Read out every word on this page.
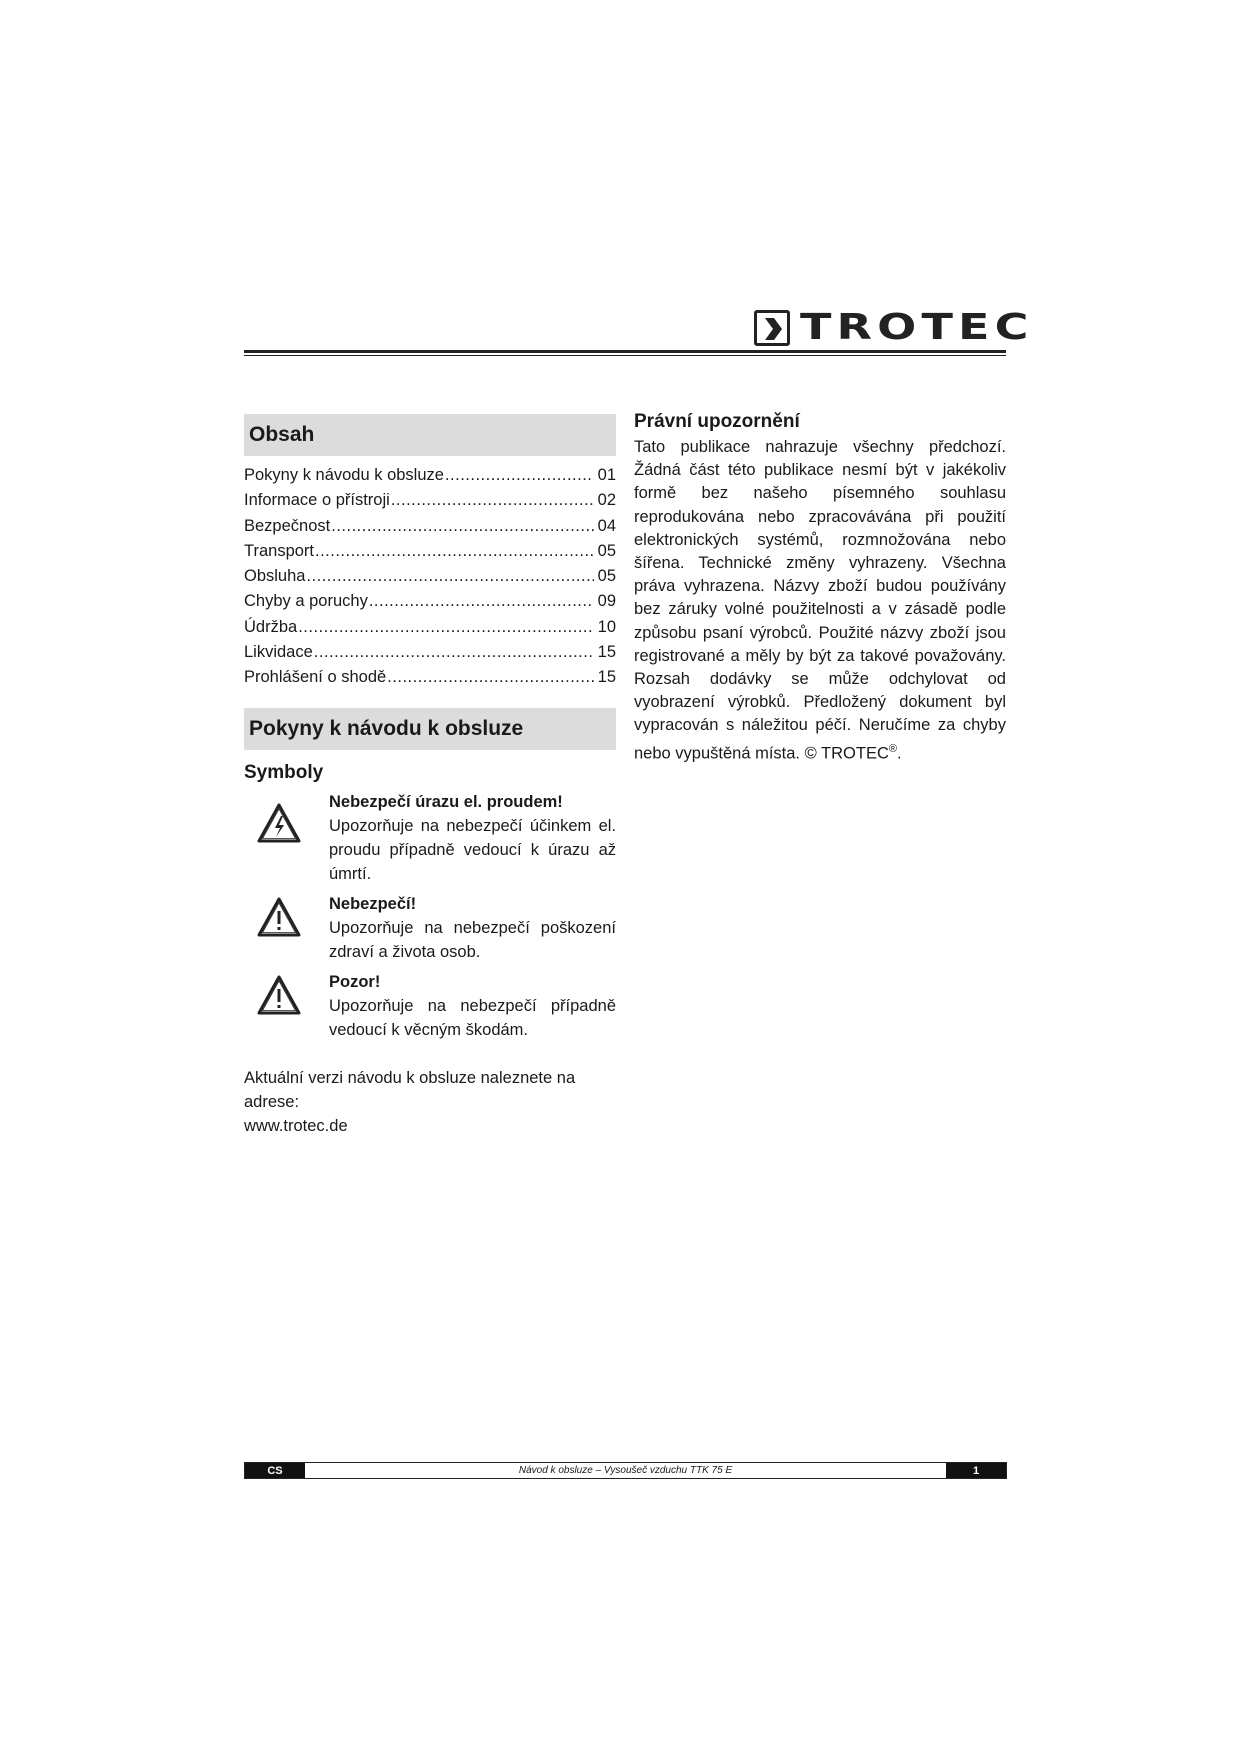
TROTEC
Obsah
Pokyny k návodu k obsluze .....	01
Informace o přístroji .....	02
Bezpečnost .....	04
Transport .....	05
Obsluha .....	05
Chyby a poruchy .....	09
Údržba .....	10
Likvidace .....	15
Prohlášení o shodě .....	15
Pokyny k návodu k obsluze
Symboly
Nebezpečí úrazu el. proudem!
Upozorňuje na nebezpečí účinkem el. proudu případně vedoucí k úrazu až úmrtí.
Nebezpečí!
Upozorňuje na nebezpečí poškození zdraví a života osob.
Pozor!
Upozorňuje na nebezpečí případně vedoucí k věcným škodám.
Aktuální verzi návodu k obsluze naleznete na adrese:
www.trotec.de
Právní upozornění
Tato publikace nahrazuje všechny předchozí. Žádná část této publikace nesmí být v jakékoliv formě bez našeho písemného souhlasu reprodukována nebo zpracovávána při použití elektronických systémů, rozmnožována nebo šířena. Technické změny vyhrazeny. Všechna práva vyhrazena. Názvy zboží budou používány bez záruky volné použitelnosti a v zásadě podle způsobu psaní výrobců. Použité názvy zboží jsou registrované a měly by být za takové považovány. Rozsah dodávky se může odchylovat od vyobrazení výrobků. Předložený dokument byl vypracován s náležitou péčí. Neručíme za chyby nebo vypuštěná místa. © TROTEC®.
CS	Návod k obsluze – Vysoušeč vzduchu TTK 75 E	1
